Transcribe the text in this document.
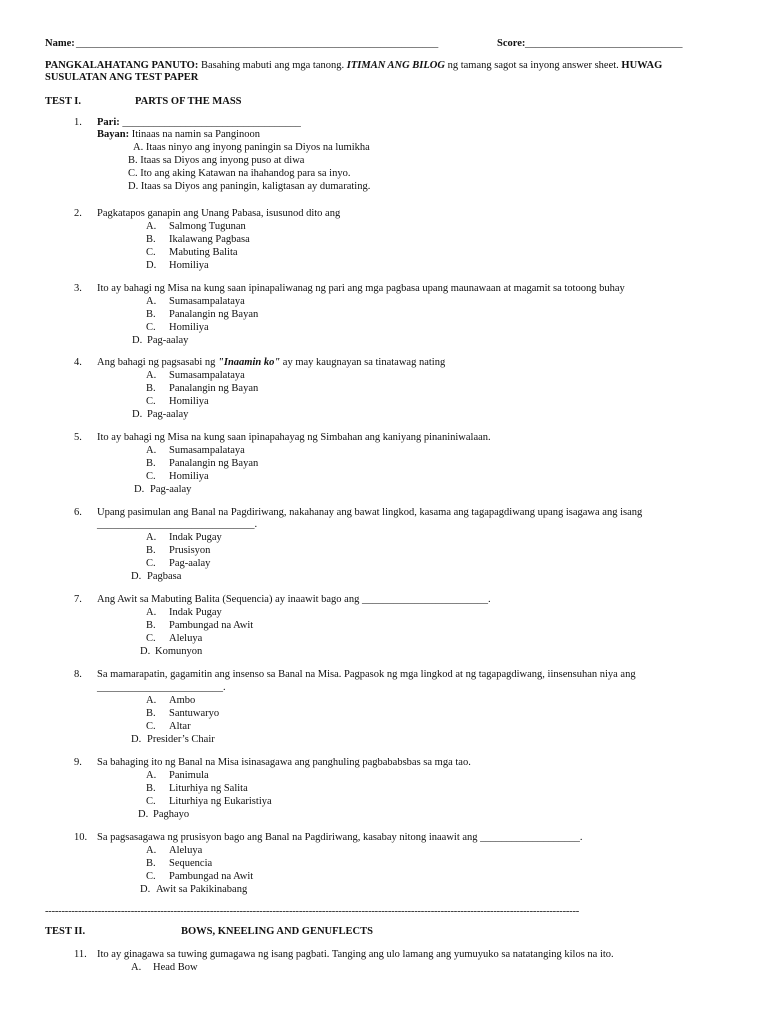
Name: _____________________________________________________________________	Score: ______________________________
PANGKALAHATANG PANUTO: Basahing mabuti ang mga tanong. ITIMAN ANG BILOG ng tamang sagot sa inyong answer sheet. HUWAG
SUSULATAN ANG TEST PAPER
TEST I.	PARTS OF THE MASS
1. Pari: __________________________________
Bayan: Itinaas na namin sa Panginoon
A. Itaas ninyo ang inyong paningin sa Diyos na lumikha
B. Itaas sa Diyos ang inyong puso at diwa
C. Ito ang aking Katawan na ihahandog para sa inyo.
D. Itaas sa Diyos ang paningin, kaligtasan ay dumarating.
2. Pagkatapos ganapin ang Unang Pabasa, isusunod dito ang
A. Salmong Tugunan
B. Ikalawang Pagbasa
C. Mabuting Balita
D. Homiliya
3. Ito ay bahagi ng Misa na kung saan ipinapaliwanag ng pari ang mga pagbasa upang maunawaan at magamit sa totoong buhay
A. Sumasampalataya
B. Panalangin ng Bayan
C. Homiliya
D. Pag-aalay
4. Ang bahagi ng pagsasabi ng "Inaamin ko" ay may kaugnayan sa tinatawag nating
A. Sumasampalataya
B. Panalangin ng Bayan
C. Homiliya
D. Pag-aalay
5. Ito ay bahagi ng Misa na kung saan ipinapahayag ng Simbahan ang kaniyang pinaniniwalaan.
A. Sumasampalataya
B. Panalangin ng Bayan
C. Homiliya
D. Pag-aalay
6. Upang pasimulan ang Banal na Pagdiriwang, nakahanay ang bawat lingkod, kasama ang tagapagdiwang upang isagawa ang isang
______________________________.
A. Indak Pugay
B. Prusisyon
C. Pag-aalay
D. Pagbasa
7. Ang Awit sa Mabuting Balita (Sequencia) ay inaawit bago ang ________________________.
A. Indak Pugay
B. Pambungad na Awit
C. Aleluya
D. Komunyon
8. Sa mamarapatin, gagamitin ang insenso sa Banal na Misa. Pagpasok ng mga lingkod at ng tagapagdiwang, iinsensuhan niya ang
________________________.
A. Ambo
B. Santuwaryo
C. Altar
D. Presider’s Chair
9. Sa bahaging ito ng Banal na Misa isinasagawa ang panghuling pagbababsbas sa mga tao.
A. Panimula
B. Liturhiya ng Salita
C. Liturhiya ng Eukaristiya
D. Paghayo
10. Sa pagsasagawa ng prusisyon bago ang Banal na Pagdiriwang, kasabay nitong inaawit ang ___________________.
A. Aleluya
B. Sequencia
C. Pambungad na Awit
D. Awit sa Pakikinabang
------------------------------------------------------------------------------------------------------------------------------------------------------------------
TEST II.	BOWS, KNEELING AND GENUFLECTS
11. Ito ay ginagawa sa tuwing gumagawa ng isang pagbati. Tanging ang ulo lamang ang yumuyuko sa natatanging kilos na ito.
A. Head Bow
